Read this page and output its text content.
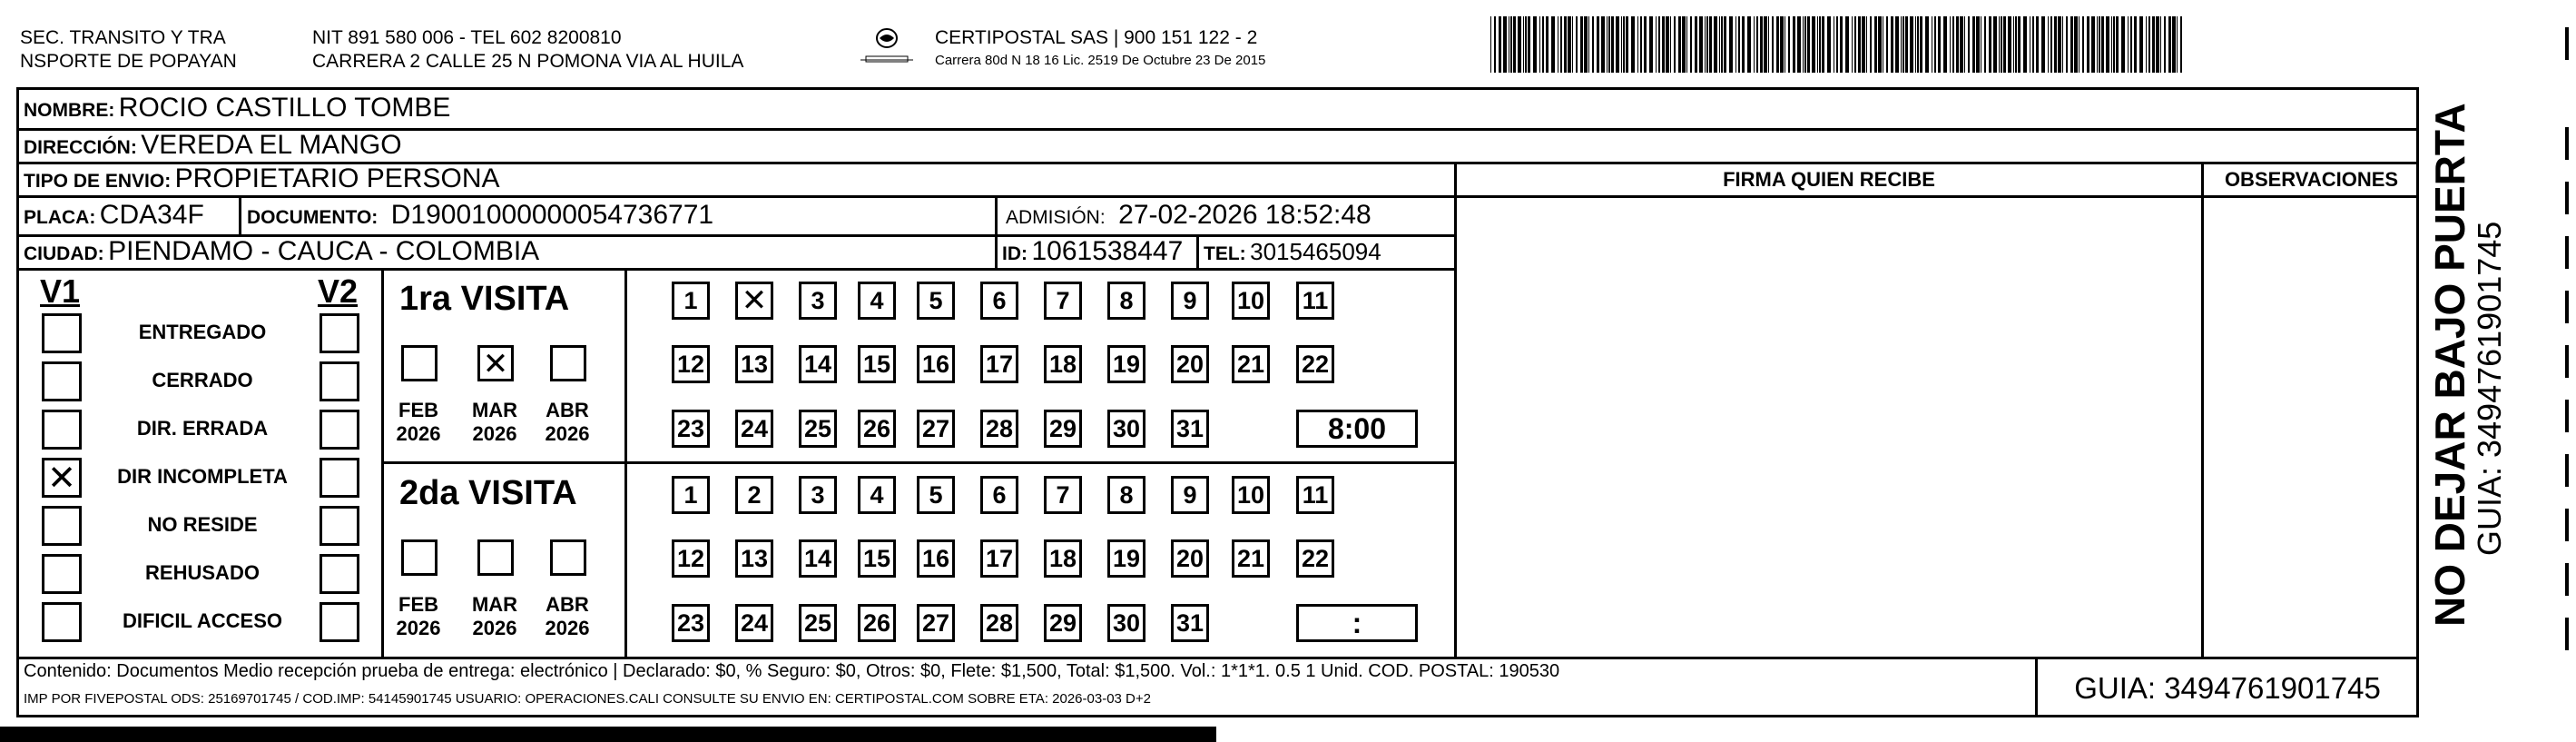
SEC. TRANSITO Y TRA
NSPORTE DE POPAYAN
NIT 891 580 006 - TEL 602 8200810
CARRERA 2 CALLE 25 N POMONA VIA AL HUILA
CERTIPOSTAL SAS | 900 151 122 - 2
Carrera 80d N 18 16 Lic. 2519 De Octubre 23 De 2015
NOMBRE: ROCIO CASTILLO TOMBE
DIRECCIÓN: VEREDA EL MANGO
TIPO DE ENVIO: PROPIETARIO PERSONA
PLACA: CDA34F DOCUMENTO: D19001000000054736771	ADMISIÓN: 27-02-2026 18:52:48
CIUDAD: PIENDAMO - CAUCA - COLOMBIA	ID: 1061538447 TEL: 3015465094
FIRMA QUIEN RECIBE	OBSERVACIONES
V1	V2
ENTREGADO
CERRADO
DIR. ERRADA
✕
DIR INCOMPLETA
NO RESIDE
REHUSADO
DIFICIL ACCESO
1ra VISITA
FEB
2026
✕
MAR
2026
ABR
2026
1
✕	3	4	5	6	7	8	9	10 11
12 13 14 15 16 17 18 19 20 21 22
23 24 25 26 27 28 29 30 31	8:00
2da VISITA
FEB
2026
MAR
2026
ABR
2026
1	2	3	4	5	6	7	8	9	10 11
12 13 14 15 16 17 18 19 20 21 22
23 24 25 26 27 28 29 30 31	:
Contenido: Documentos Medio recepción prueba de entrega: electrónico | Declarado: $0, % Seguro: $0, Otros: $0, Flete: $1,500, Total: $1,500. Vol.: 1*1*1. 0.5 1 Unid. COD. POSTAL: 190530
IMP POR FIVEPOSTAL ODS: 25169701745 / COD.IMP: 54145901745 USUARIO: OPERACIONES.CALI CONSULTE SU ENVIO EN: CERTIPOSTAL.COM SOBRE ETA: 2026-03-03 D+2	GUIA: 3494761901745
NO DEJAR BAJO PUERTA
GUIA: 3494761901745
